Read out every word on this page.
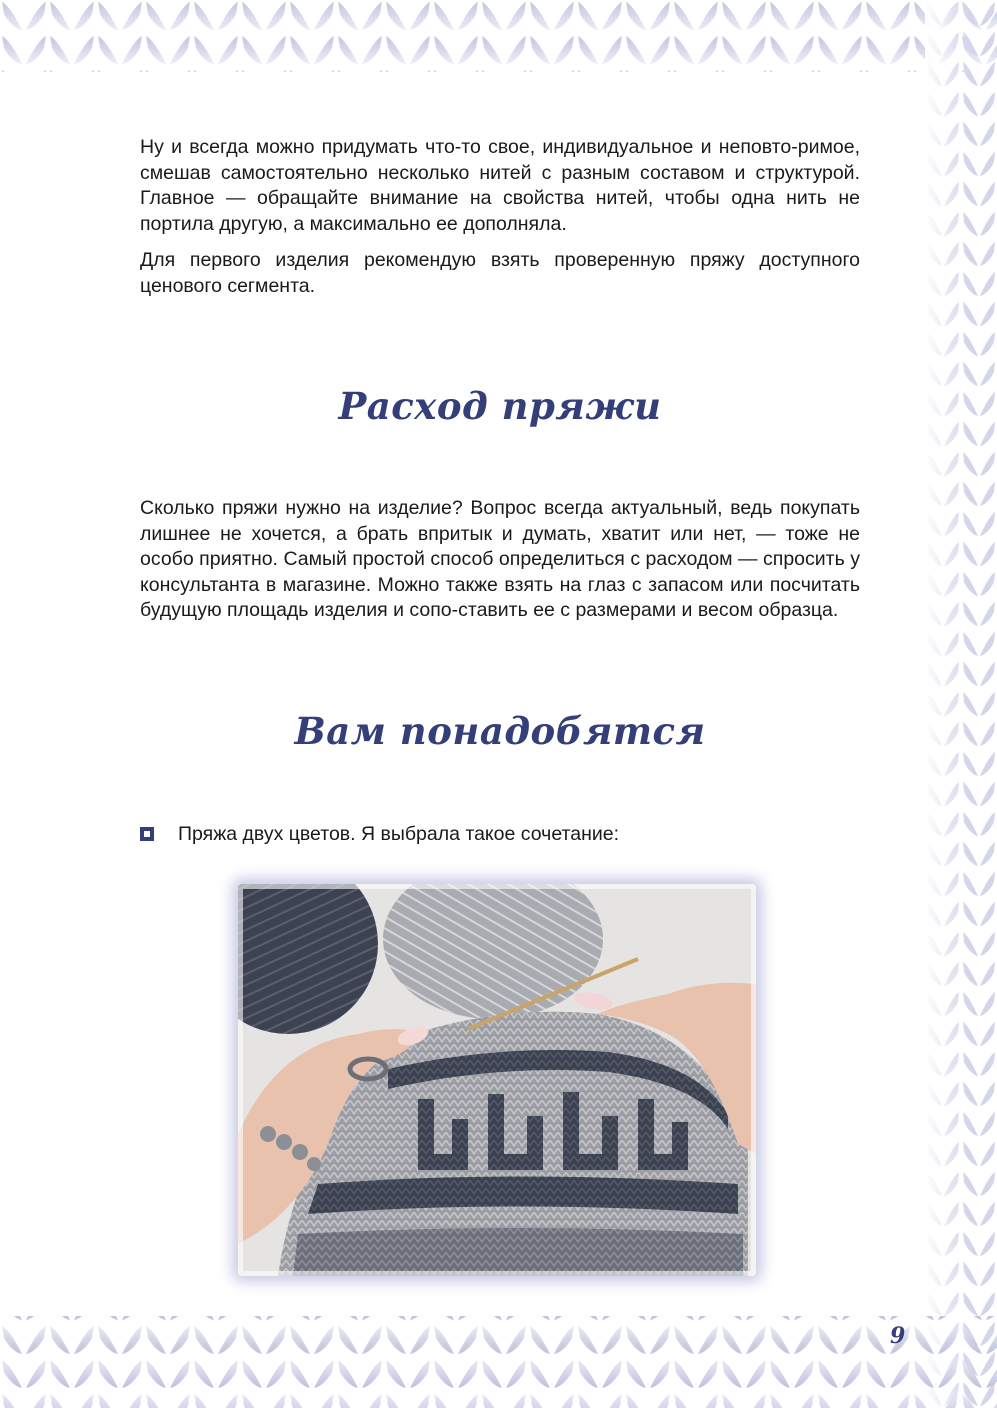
Ну и всегда можно придумать что-то свое, индивидуальное и неповто-римое, смешав самостоятельно несколько нитей с разным составом и структурой. Главное — обращайте внимание на свойства нитей, чтобы одна нить не портила другую, а максимально ее дополняла.

Для первого изделия рекомендую взять проверенную пряжу доступного ценового сегмента.

Расход пряжи

Сколько пряжи нужно на изделие? Вопрос всегда актуальный, ведь покупать лишнее не хочется, а брать впритык и думать, хватит или нет, — тоже не особо приятно. Самый простой способ определиться с расходом — спросить у консультанта в магазине. Можно также взять на глаз с запасом или посчитать будущую площадь изделия и сопо-ставить ее с размерами и весом образца.

Вам понадобятся
Пряжа двух цветов. Я выбрала такое сочетание:
9
